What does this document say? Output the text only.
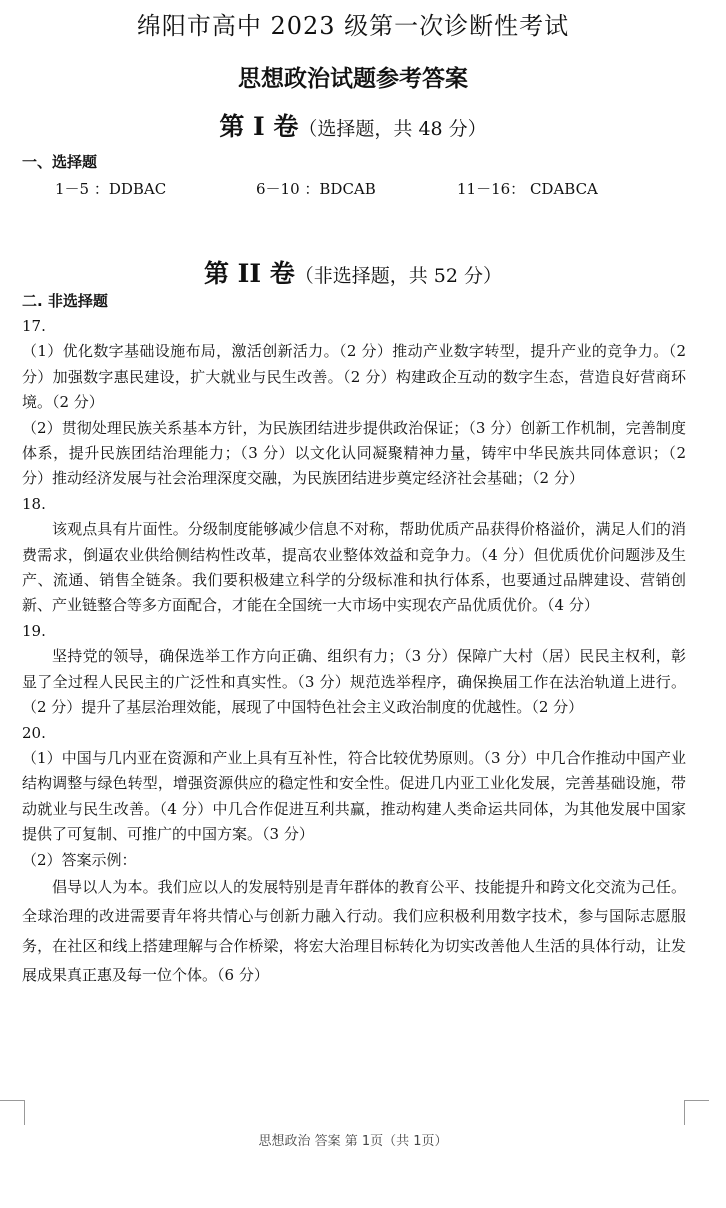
绵阳市高中 2023 级第一次诊断性考试
思想政治试题参考答案
第 I 卷（选择题，共 48 分）
一、选择题
1－5 ：DDBAC	6－10 ：BDCAB	11－16： CDABCA
第 II 卷（非选择题，共 52 分）
二. 非选择题

17.

（1）优化数字基础设施布局，激活创新活力。（2 分）推动产业数字转型，提升产业的竞争力。（2 分）加强数字惠民建设，扩大就业与民生改善。（2 分）构建政企互动的数字生态，营造良好营商环境。（2 分）

（2）贯彻处理民族关系基本方针，为民族团结进步提供政治保证；（3 分）创新工作机制，完善制度体系，提升民族团结治理能力；（3 分）以文化认同凝聚精神力量，铸牢中华民族共同体意识；（2 分）推动经济发展与社会治理深度交融，为民族团结进步奠定经济社会基础；（2 分）

18.

该观点具有片面性。分级制度能够减少信息不对称，帮助优质产品获得价格溢价，满足人们的消费需求，倒逼农业供给侧结构性改革，提高农业整体效益和竞争力。（4 分）但优质优价问题涉及生产、流通、销售全链条。我们要积极建立科学的分级标准和执行体系，也要通过品牌建设、营销创新、产业链整合等多方面配合，才能在全国统一大市场中实现农产品优质优价。（4 分）

19.

坚持党的领导，确保选举工作方向正确、组织有力；（3 分）保障广大村（居）民民主权利，彰显了全过程人民民主的广泛性和真实性。（3 分）规范选举程序，确保换届工作在法治轨道上进行。（2 分）提升了基层治理效能，展现了中国特色社会主义政治制度的优越性。（2 分）

20.

（1）中国与几内亚在资源和产业上具有互补性，符合比较优势原则。（3 分）中几合作推动中国产业结构调整与绿色转型，增强资源供应的稳定性和安全性。促进几内亚工业化发展，完善基础设施，带动就业与民生改善。（4 分）中几合作促进互利共赢，推动构建人类命运共同体，为其他发展中国家提供了可复制、可推广的中国方案。（3 分）

（2）答案示例：

倡导以人为本。我们应以人的发展特别是青年群体的教育公平、技能提升和跨文化交流为己任。全球治理的改进需要青年将共情心与创新力融入行动。我们应积极利用数字技术，参与国际志愿服务，在社区和线上搭建理解与合作桥梁，将宏大治理目标转化为切实改善他人生活的具体行动，让发展成果真正惠及每一位个体。（6 分）

思想政治 答案 第 1页（共 1页）
